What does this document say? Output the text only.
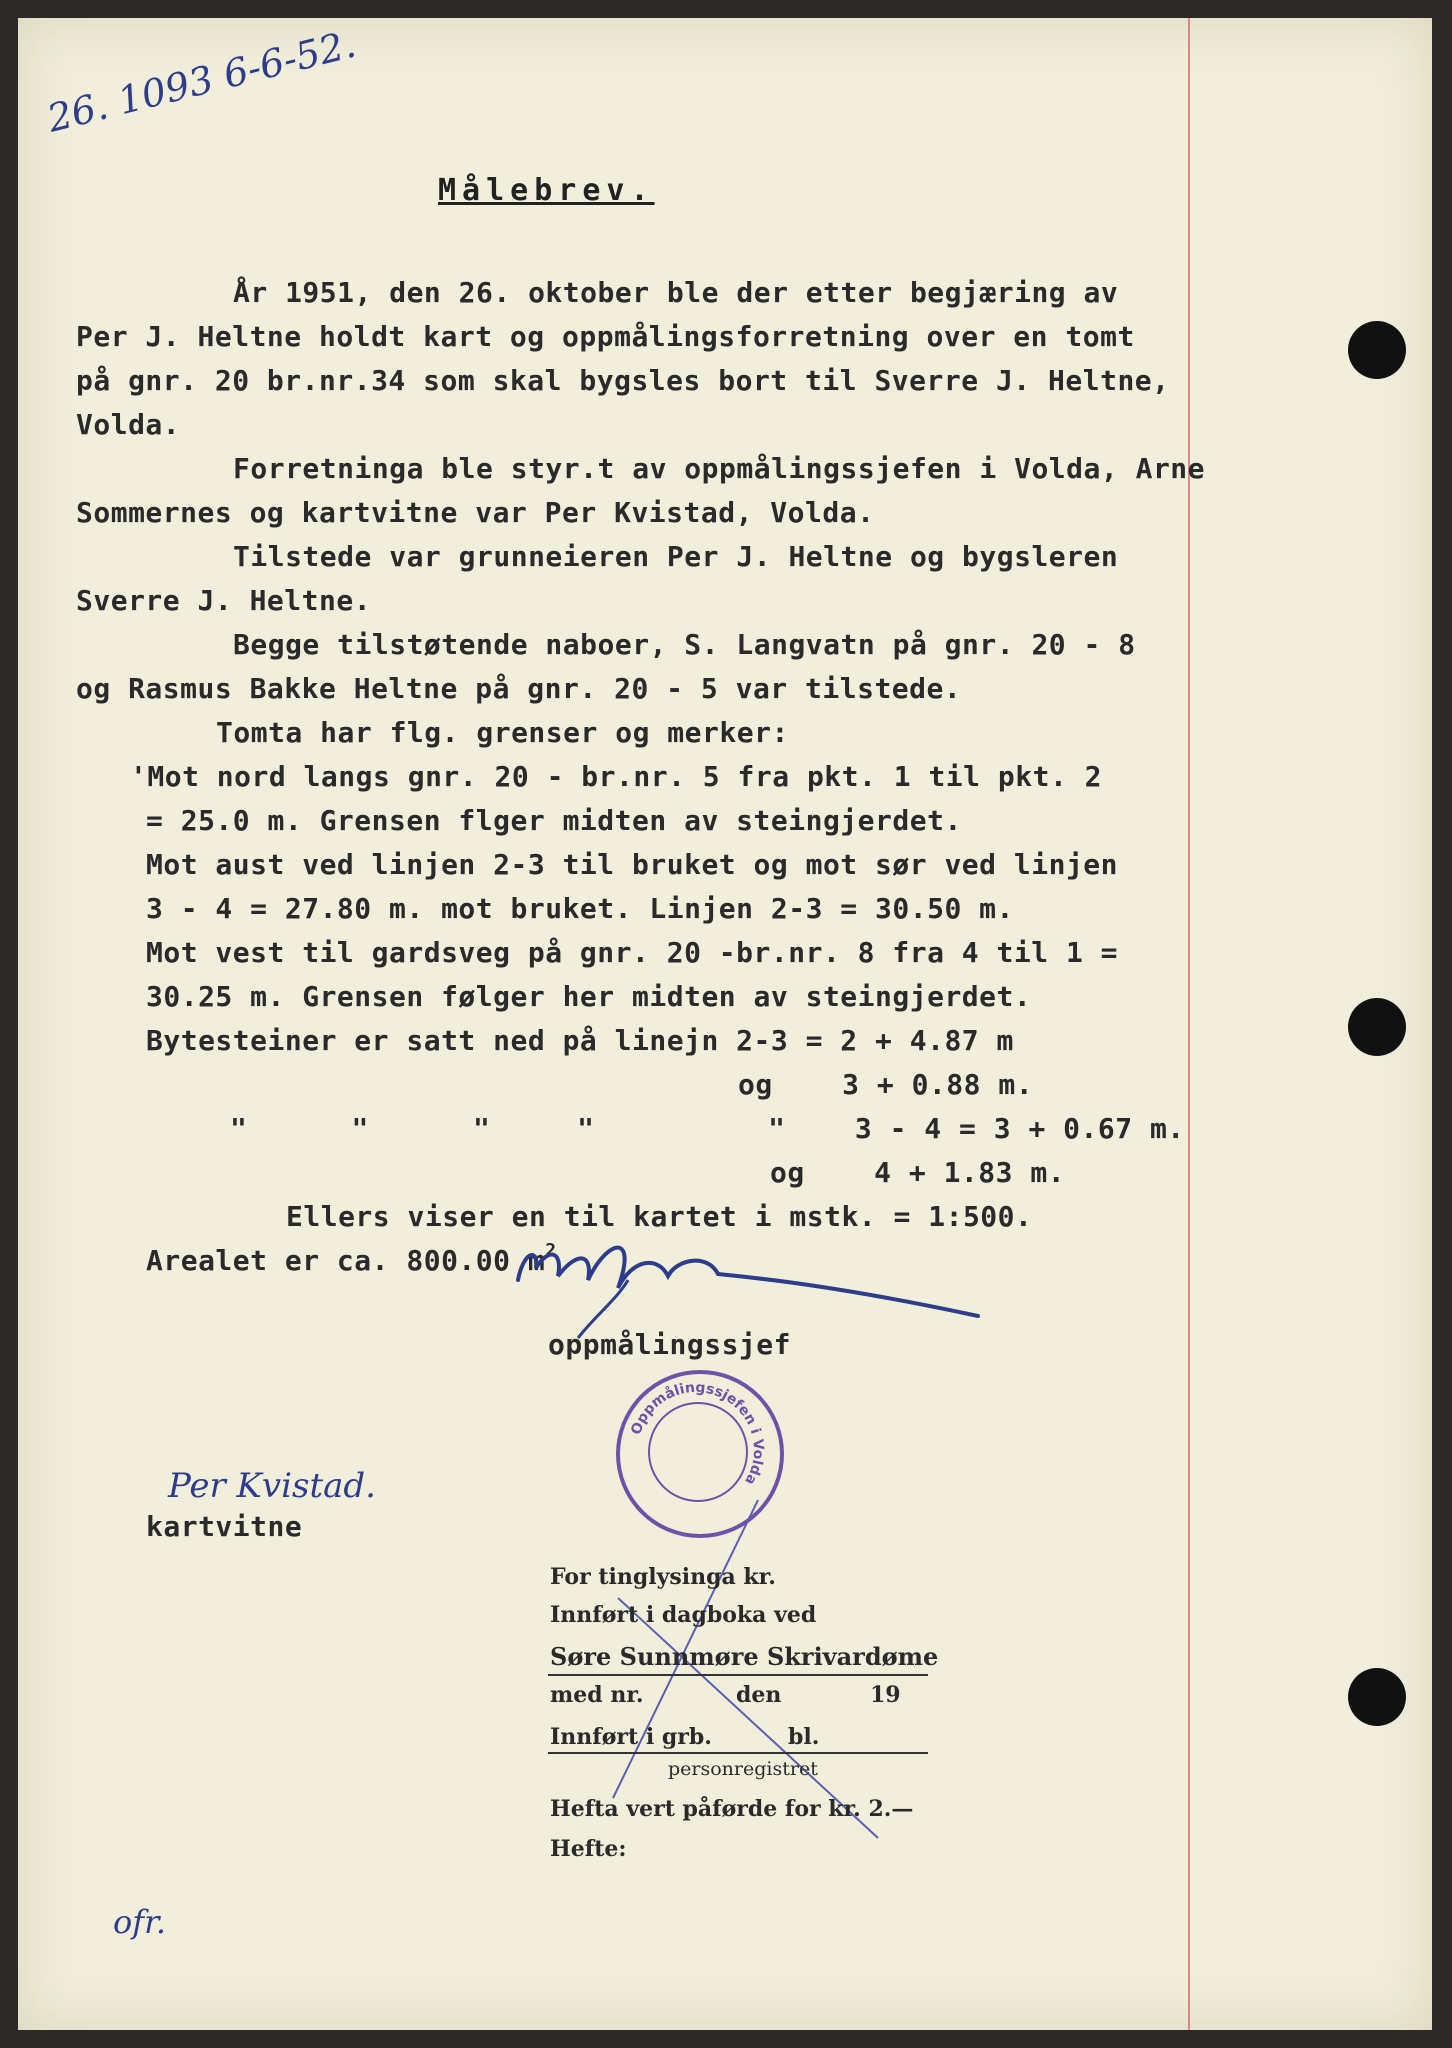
26. 1093 6-6-52.
Målebrev.
År 1951, den 26. oktober ble der etter begjæring av
Per J. Heltne holdt kart og oppmålingsforretning over en tomt
på gnr. 20 br.nr.34 som skal bygsles bort til Sverre J. Heltne,
Volda.
Forretninga ble styr.t av oppmålingssjefen i Volda, Arne
Sommernes og kartvitne var Per Kvistad, Volda.
Tilstede var grunneieren Per J. Heltne og bygsleren
Sverre J. Heltne.
Begge tilstøtende naboer, S. Langvatn på gnr. 20 - 8
og Rasmus Bakke Heltne på gnr. 20 - 5 var tilstede.
Tomta har flg. grenser og merker:
'Mot nord langs gnr. 20 - br.nr. 5 fra pkt. 1 til pkt. 2
= 25.0 m. Grensen flger midten av steingjerdet.
Mot aust ved linjen 2-3 til bruket og mot sør ved linjen
3 - 4 = 27.80 m. mot bruket. Linjen 2-3 = 30.50 m.
Mot vest til gardsveg på gnr. 20 -br.nr. 8 fra 4 til 1 =
30.25 m. Grensen følger her midten av steingjerdet.
Bytesteiner er satt ned på linejn 2-3 = 2 + 4.87 m
og    3 + 0.88 m.
"      "      "     "          "    3 - 4 = 3 + 0.67 m.
og    4 + 1.83 m.
Ellers viser en til kartet i mstk. = 1:500.
Arealet er ca. 800.00 $m^2$
oppmålingssjef
Oppmålingssjefen i Volda
Per Kvistad.
kartvitne
For tinglysinga kr.
Innført i dagboka ved
Søre Sunnmøre Skrivardøme
med nr.	den	19
Innført i grb.	bl.
personregistret
Hefta vert påførde for kr. 2.—
Hefte:
ofr.
